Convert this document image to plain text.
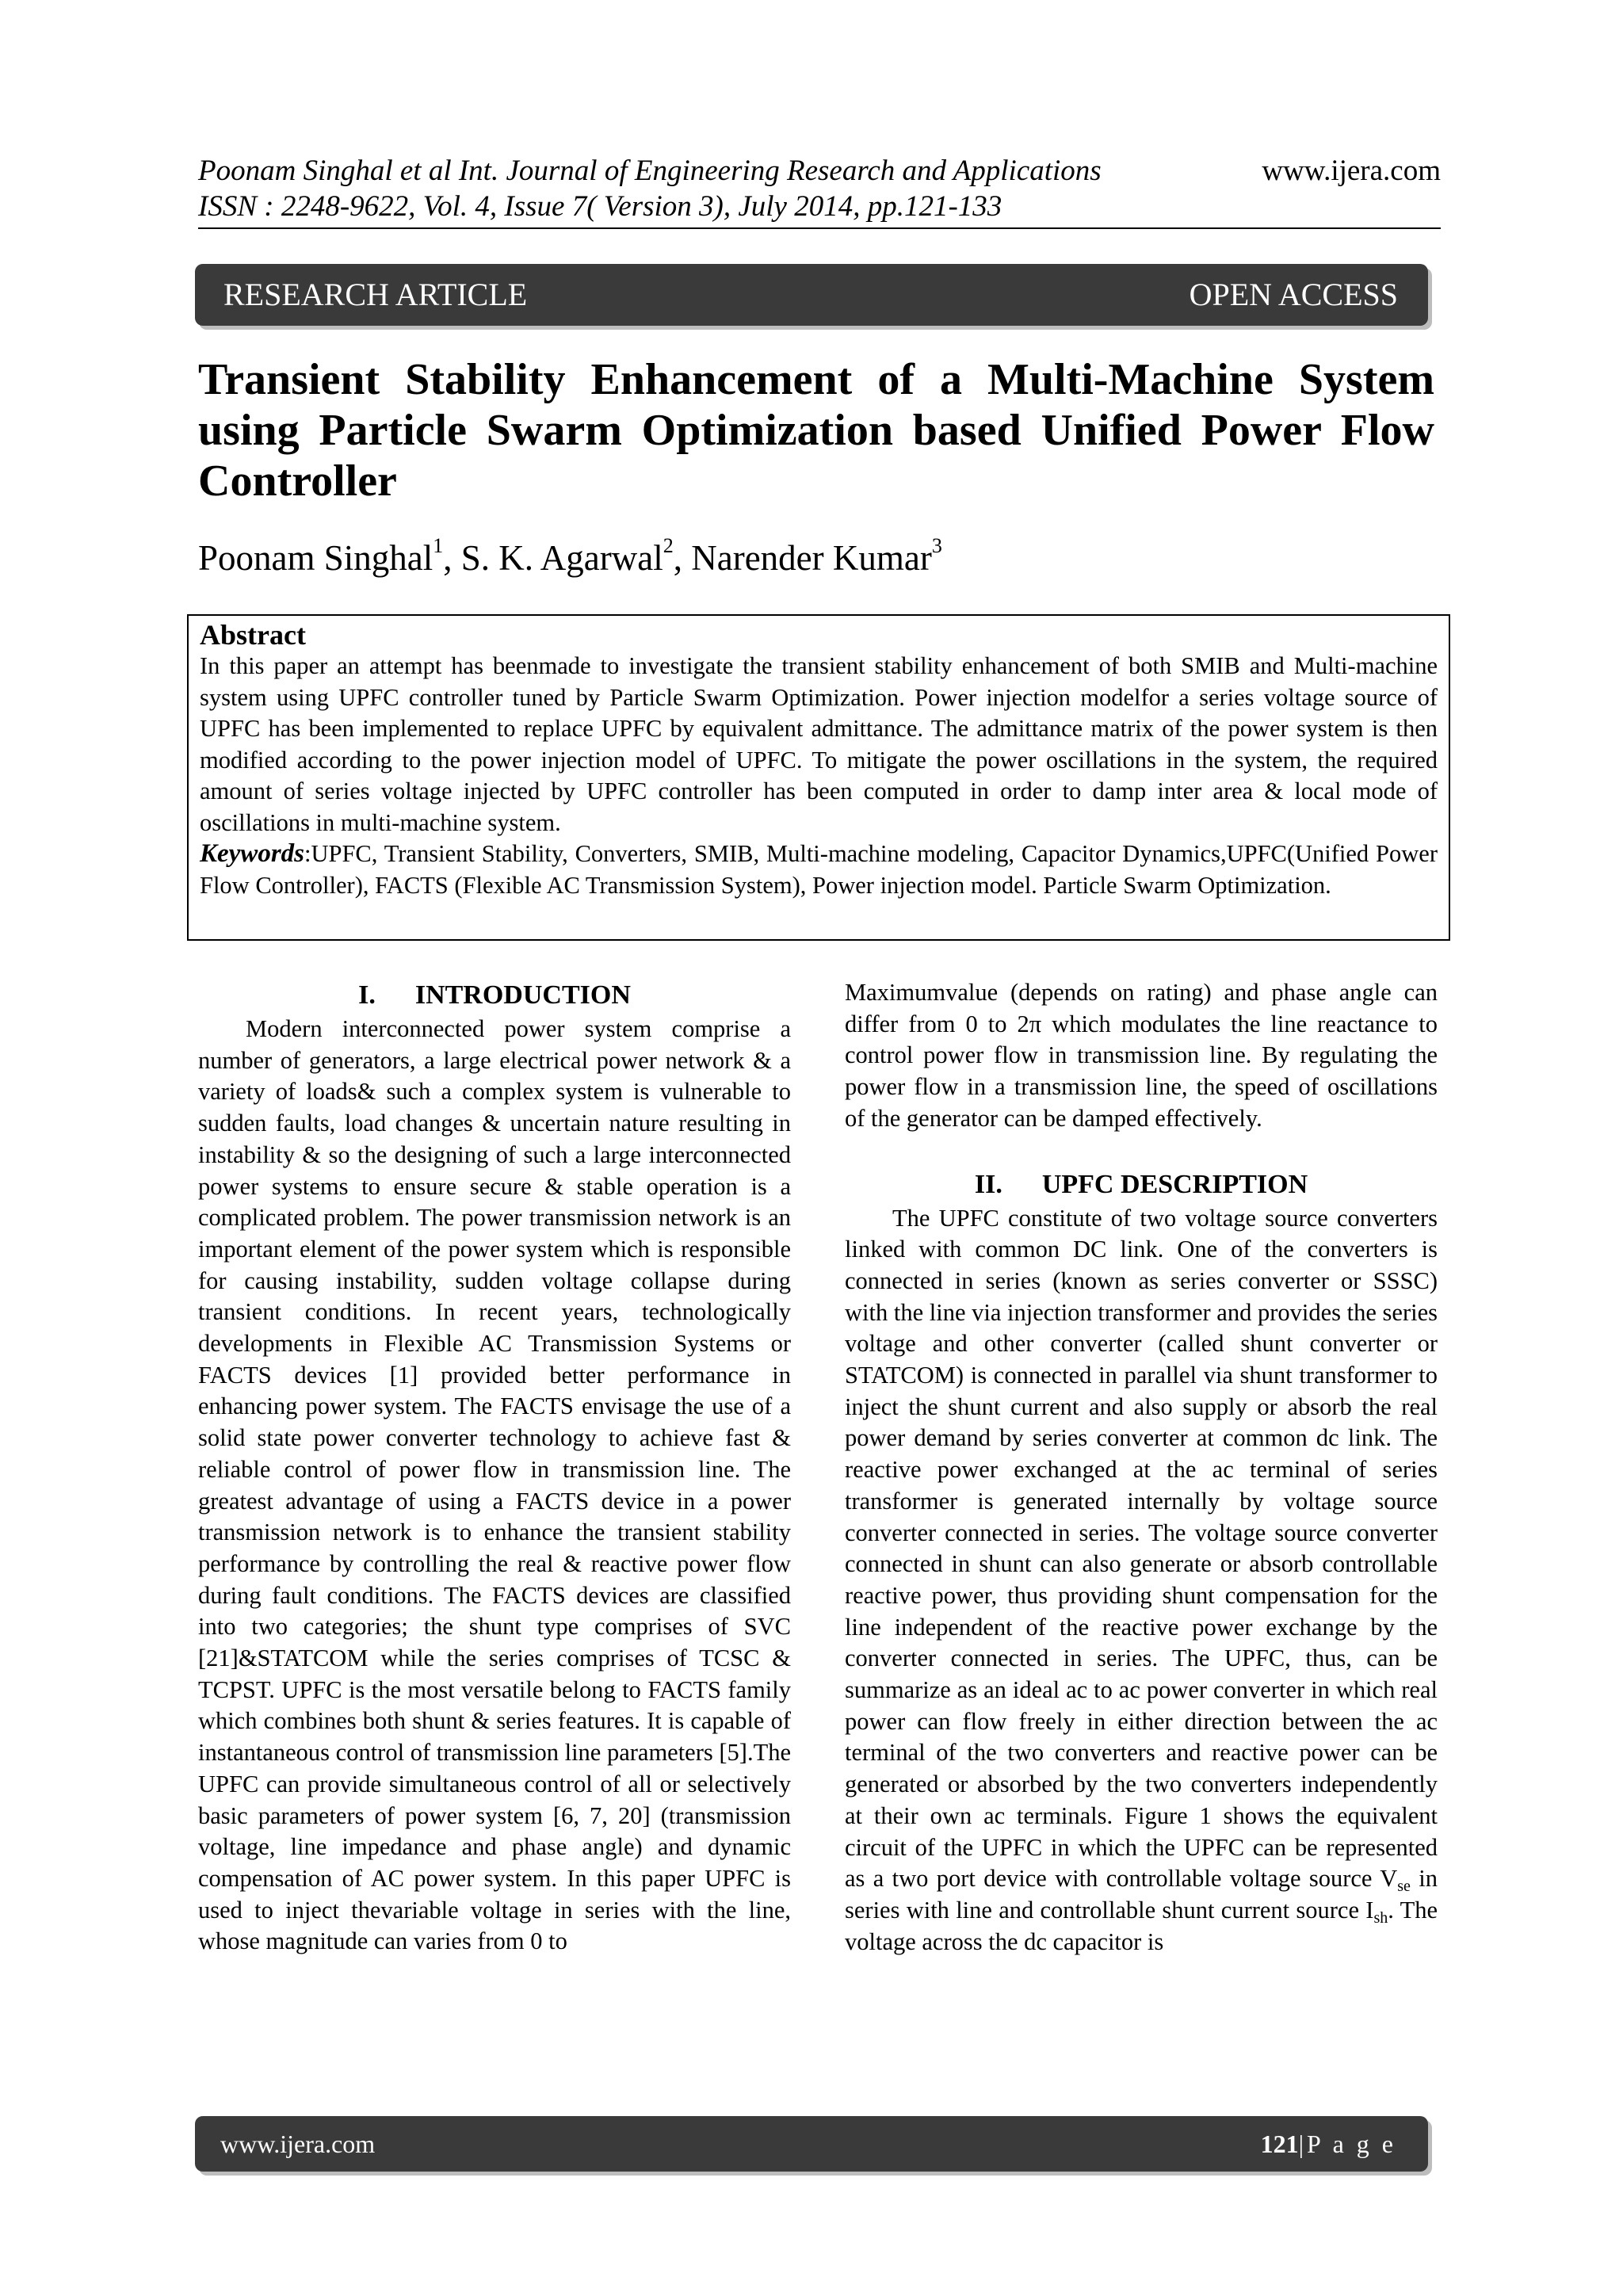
Poonam Singhal et al Int. Journal of Engineering Research and Applications
ISSN : 2248-9622, Vol. 4, Issue 7( Version 3), July 2014, pp.121-133
www.ijera.com
RESEARCH ARTICLE	OPEN ACCESS
Transient Stability Enhancement of a Multi-Machine System
using Particle Swarm Optimization based Unified Power Flow
Controller
Poonam Singhal$^1$, S. K. Agarwal$^2$, Narender Kumar$^3$
Abstract

In this paper an attempt has beenmade to investigate the transient stability enhancement of both SMIB and Multi-machine system using UPFC controller tuned by Particle Swarm Optimization. Power injection modelfor a series voltage source of UPFC has been implemented to replace UPFC by equivalent admittance. The admittance matrix of the power system is then modified according to the power injection model of UPFC. To mitigate the power oscillations in the system, the required amount of series voltage injected by UPFC controller has been computed in order to damp inter area & local mode of oscillations in multi-machine system.

Keywords:UPFC, Transient Stability, Converters, SMIB, Multi-machine modeling, Capacitor Dynamics,UPFC(Unified Power Flow Controller), FACTS (Flexible AC Transmission System), Power injection model. Particle Swarm Optimization.

I. INTRODUCTION

Modern interconnected power system comprise a number of generators, a large electrical power network & a variety of loads& such a complex system is vulnerable to sudden faults, load changes & uncertain nature resulting in instability & so the designing of such a large interconnected power systems to ensure secure & stable operation is a complicated problem. The power transmission network is an important element of the power system which is responsible for causing instability, sudden voltage collapse during transient conditions. In recent years, technologically developments in Flexible AC Transmission Systems or FACTS devices [1] provided better performance in enhancing power system. The FACTS envisage the use of a solid state power converter technology to achieve fast & reliable control of power flow in transmission line. The greatest advantage of using a FACTS device in a power transmission network is to enhance the transient stability performance by controlling the real & reactive power flow during fault conditions. The FACTS devices are classified into two categories; the shunt type comprises of SVC [21]&STATCOM while the series comprises of TCSC & TCPST. UPFC is the most versatile belong to FACTS family which combines both shunt & series features. It is capable of instantaneous control of transmission line parameters [5].The UPFC can provide simultaneous control of all or selectively basic parameters of power system [6, 7, 20] (transmission voltage, line impedance and phase angle) and dynamic compensation of AC power system. In this paper UPFC is used to inject thevariable voltage in series with the line, whose magnitude can varies from 0 to

Maximumvalue (depends on rating) and phase angle can differ from 0 to 2π which modulates the line reactance to control power flow in transmission line. By regulating the power flow in a transmission line, the speed of oscillations of the generator can be damped effectively.

II. UPFC DESCRIPTION

The UPFC constitute of two voltage source converters linked with common DC link. One of the converters is connected in series (known as series converter or SSSC) with the line via injection transformer and provides the series voltage and other converter (called shunt converter or STATCOM) is connected in parallel via shunt transformer to inject the shunt current and also supply or absorb the real power demand by series converter at common dc link. The reactive power exchanged at the ac terminal of series transformer is generated internally by voltage source converter connected in series. The voltage source converter connected in shunt can also generate or absorb controllable reactive power, thus providing shunt compensation for the line independent of the reactive power exchange by the converter connected in series. The UPFC, thus, can be summarize as an ideal ac to ac power converter in which real power can flow freely in either direction between the ac terminal of the two converters and reactive power can be generated or absorbed by the two converters independently at their own ac terminals. Figure 1 shows the equivalent circuit of the UPFC in which the UPFC can be represented as a two port device with controllable voltage source $V_{se}$ in series with line and controllable shunt current source $I_{sh}$. The voltage across the dc capacitor is

www.ijera.com	121|P a g e
